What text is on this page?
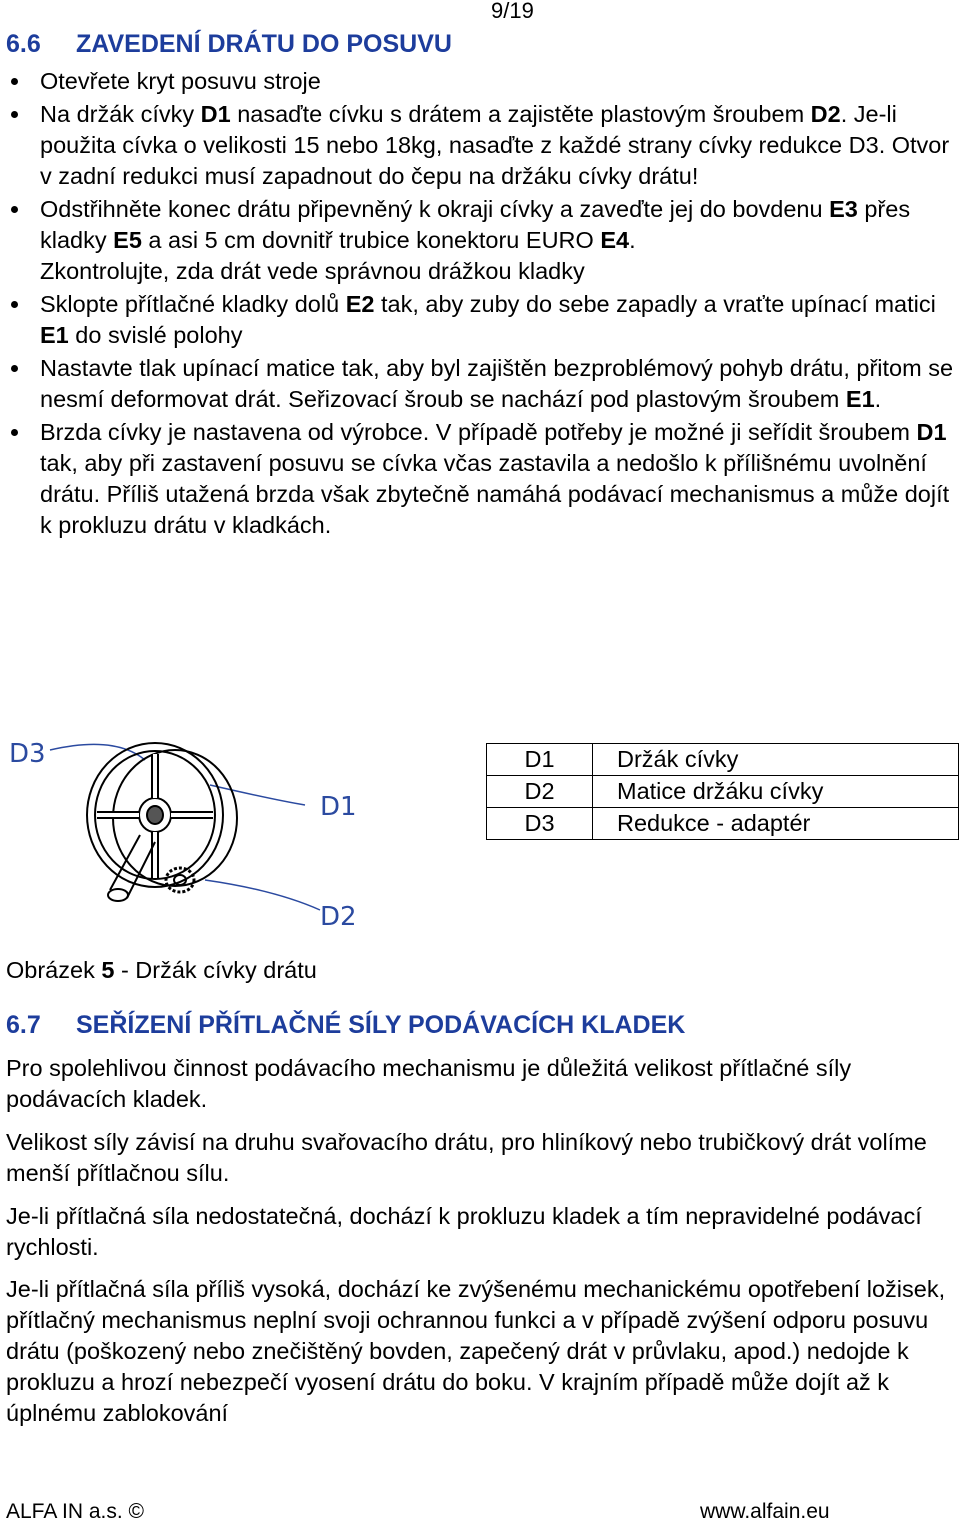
9/19
6.6 ZAVEDENÍ DRÁTU DO POSUVU
Otevřete kryt posuvu stroje
Na držák cívky D1 nasaďte cívku s drátem a zajistěte plastovým šroubem D2. Je-li použita cívka o velikosti 15 nebo 18kg, nasaďte z každé strany cívky redukce D3. Otvor v zadní redukci musí zapadnout do čepu na držáku cívky drátu!
Odstřihněte konec drátu připevněný k okraji cívky a zaveďte jej do bovdenu E3 přes kladky E5 a asi 5 cm dovnitř trubice konektoru EURO E4.
Zkontrolujte, zda drát vede správnou drážkou kladky
Sklopte přítlačné kladky dolů E2 tak, aby zuby do sebe zapadly a vraťte upínací matici E1 do svislé polohy
Nastavte tlak upínací matice tak, aby byl zajištěn bezproblémový pohyb drátu, přitom se nesmí deformovat drát. Seřizovací šroub se nachází pod plastovým šroubem E1.
Brzda cívky je nastavena od výrobce. V případě potřeby je možné ji seřídit šroubem D1 tak, aby při zastavení posuvu se cívka včas zastavila a nedošlo k přílišnému uvolnění drátu. Příliš utažená brzda však zbytečně namáhá podávací mechanismus a může dojít k prokluzu drátu v kladkách.
D3
D1
D2
D1	Držák cívky
D2	Matice držáku cívky
D3	Redukce - adaptér
Obrázek 5 - Držák cívky drátu
6.7 SEŘÍZENÍ PŘÍTLAČNÉ SÍLY PODÁVACÍCH KLADEK

Pro spolehlivou činnost podávacího mechanismu je důležitá velikost přítlačné síly podávacích kladek.

Velikost síly závisí na druhu svařovacího drátu, pro hliníkový nebo trubičkový drát volíme menší přítlačnou sílu.

Je-li přítlačná síla nedostatečná, dochází k prokluzu kladek a tím nepravidelné podávací rychlosti.

Je-li přítlačná síla příliš vysoká, dochází ke zvýšenému mechanickému opotřebení ložisek, přítlačný mechanismus neplní svoji ochrannou funkci a v případě zvýšení odporu posuvu drátu (poškozený nebo znečištěný bovden, zapečený drát v průvlaku, apod.) nedojde k prokluzu a hrozí nebezpečí vyosení drátu do boku. V krajním případě může dojít až k úplnému zablokování

ALFA IN a.s. ©	www.alfain.eu
